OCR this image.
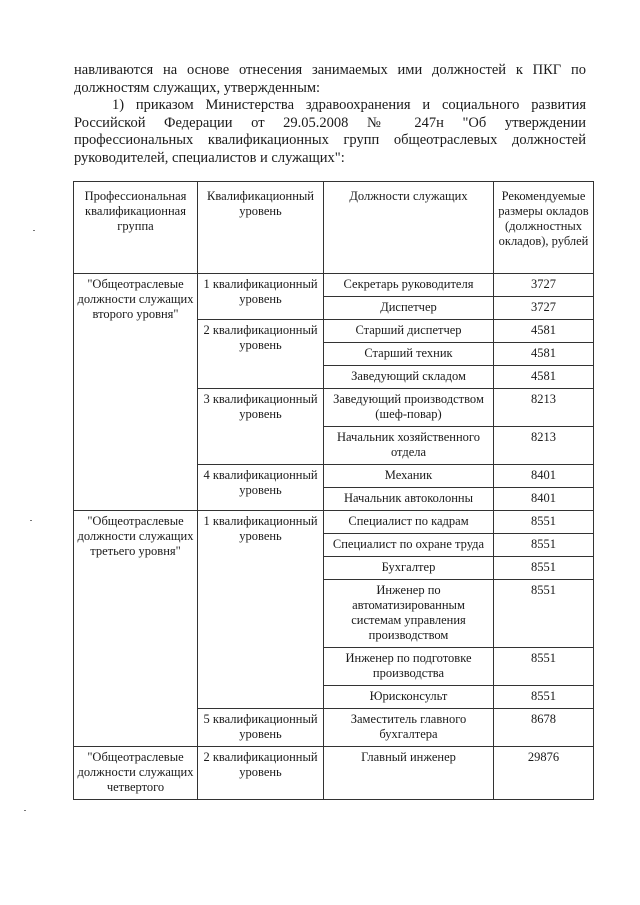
навливаются на основе отнесения занимаемых ими должностей к ПКГ по должностям служащих, утвержденным:

1) приказом Министерства здравоохранения и социального развития Российской Федерации от 29.05.2008 № 247н "Об утверждении профессиональных квалификационных групп общеотраслевых должностей руководителей, специалистов и служащих":

Профессиональная квалификационная группа	Квалификационный уровень	Должности служащих	Рекомендуемые размеры окладов (должностных окладов), рублей
"Общеотраслевые должности служащих второго уровня"	1 квалификационный уровень	Секретарь руководителя	3727
		Диспетчер	3727
	2 квалификационный уровень	Старший диспетчер	4581
		Старший техник	4581
		Заведующий складом	4581
	3 квалификационный уровень	Заведующий производством (шеф-повар)	8213
		Начальник хозяйственного отдела	8213
	4 квалификационный уровень	Механик	8401
		Начальник автоколонны	8401
"Общеотраслевые должности служащих третьего уровня"	1 квалификационный уровень	Специалист по кадрам	8551
		Специалист по охране труда	8551
		Бухгалтер	8551
		Инженер по автоматизированным системам управления производством	8551
		Инженер по подготовке производства	8551
		Юрисконсульт	8551
	5 квалификационный уровень	Заместитель главного бухгалтера	8678
"Общеотраслевые должности служащих четвертого	2 квалификационный уровень	Главный инженер	29876
